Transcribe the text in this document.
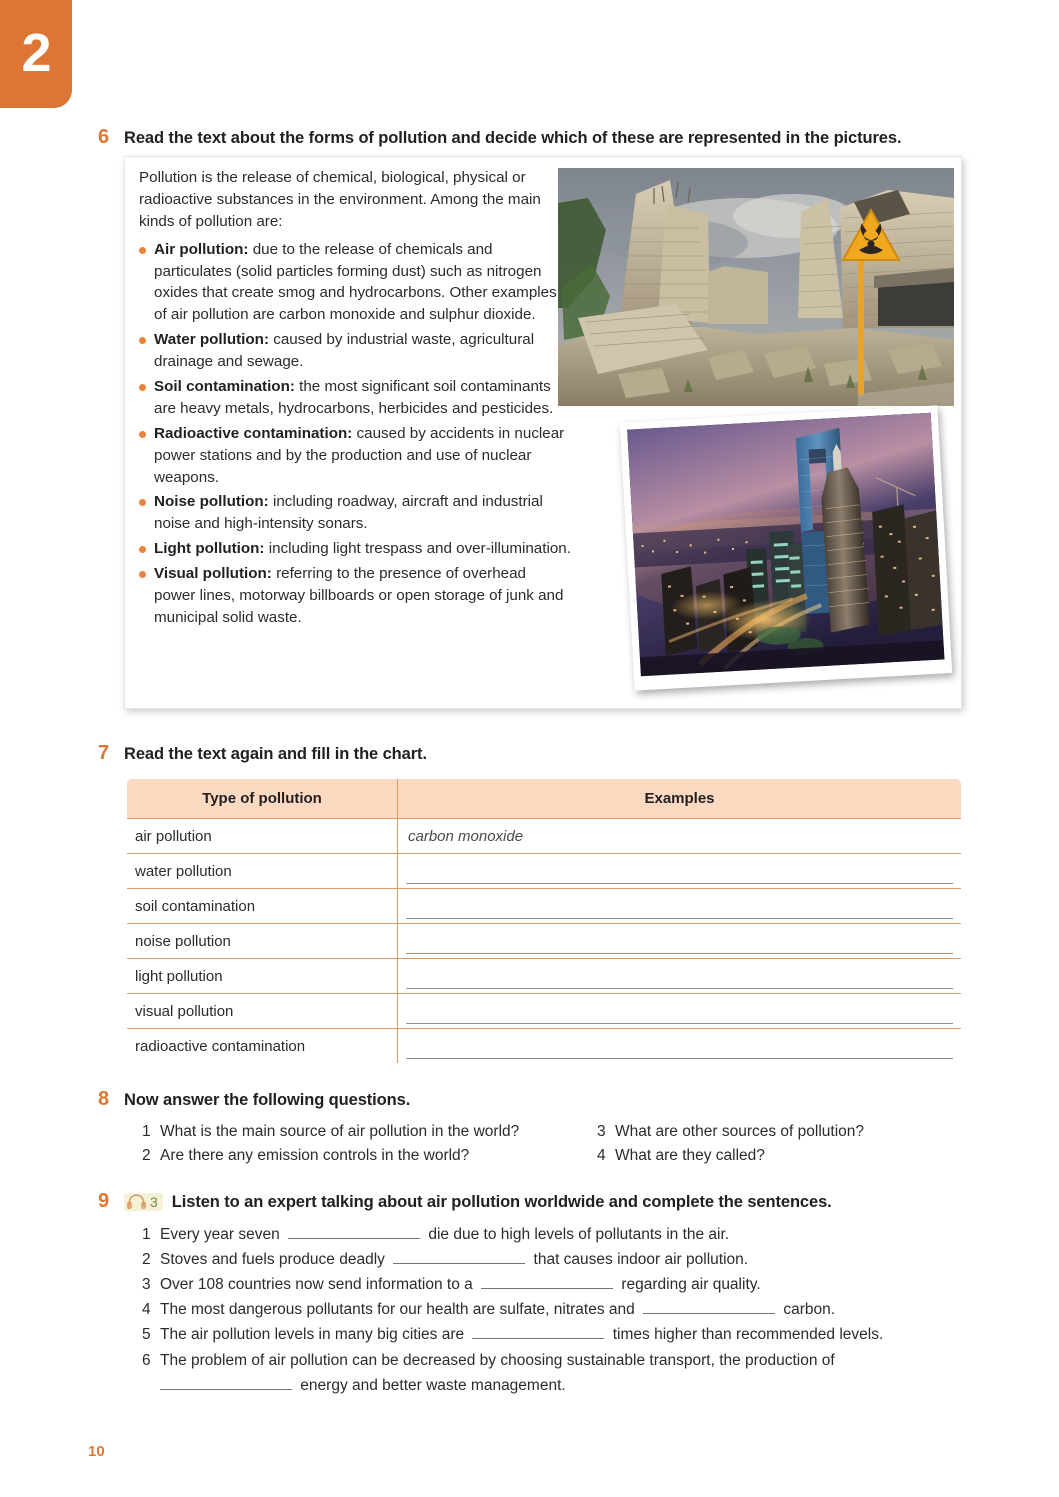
2
6 Read the text about the forms of pollution and decide which of these are represented in the pictures.

Pollution is the release of chemical, biological, physical or radioactive substances in the environment. Among the main kinds of pollution are:

Air pollution: due to the release of chemicals and particulates (solid particles forming dust) such as nitrogen oxides that create smog and hydrocarbons. Other examples of air pollution are carbon monoxide and sulphur dioxide.
Water pollution: caused by industrial waste, agricultural drainage and sewage.
Soil contamination: the most significant soil contaminants are heavy metals, hydrocarbons, herbicides and pesticides.
Radioactive contamination: caused by accidents in nuclear power stations and by the production and use of nuclear weapons.
Noise pollution: including roadway, aircraft and industrial noise and high-intensity sonars.
Light pollution: including light trespass and over-illumination.
Visual pollution: referring to the presence of overhead power lines, motorway billboards or open storage of junk and municipal solid waste.
7 Read the text again and fill in the chart.
Type of pollution	Examples
air pollution	carbon monoxide
water pollution	

soil contamination	

noise pollution	

light pollution	

visual pollution	

radioactive contamination	
8 Now answer the following questions.
1 What is the main source of air pollution in the world?	3 What are other sources of pollution?
2 Are there any emission controls in the world?	4 What are they called?
9	3 Listen to an expert talking about air pollution worldwide and complete the sentences.
1 Every year seven	die due to high levels of pollutants in the air.
2 Stoves and fuels produce deadly	that causes indoor air pollution.
3 Over 108 countries now send information to a	regarding air quality.
4 The most dangerous pollutants for our health are sulfate, nitrates and	carbon.
5 The air pollution levels in many big cities are	times higher than recommended levels.
6 The problem of air pollution can be decreased by choosing sustainable transport, the production of
energy and better waste management.
10
